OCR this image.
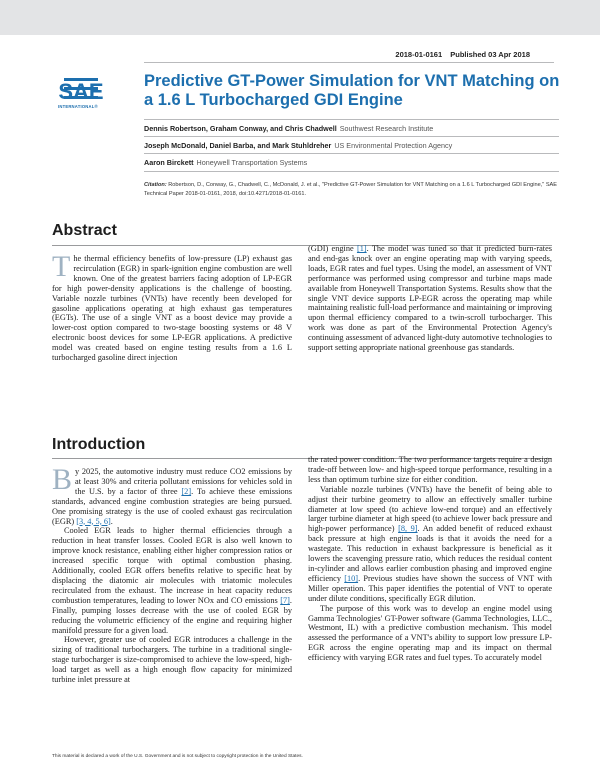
2018-01-0161 Published 03 Apr 2018
SAE
INTERNATIONAL®
Predictive GT-Power Simulation for VNT Matching on a 1.6 L Turbocharged GDI Engine
Dennis Robertson, Graham Conway, and Chris Chadwell Southwest Research Institute
Joseph McDonald, Daniel Barba, and Mark Stuhldreher US Environmental Protection Agency
Aaron Birckett Honeywell Transportation Systems
Citation: Robertson, D., Conway, G., Chadwell, C., McDonald, J. et al., "Predictive GT-Power Simulation for VNT Matching on a 1.6 L Turbocharged GDI Engine," SAE Technical Paper 2018-01-0161, 2018, doi:10.4271/2018-01-0161.
Abstract

The thermal efficiency benefits of low-pressure (LP) exhaust gas recirculation (EGR) in spark-ignition engine combustion are well known. One of the greatest barriers facing adoption of LP-EGR for high power-density applications is the challenge of boosting. Variable nozzle turbines (VNTs) have recently been developed for gasoline applications operating at high exhaust gas temperatures (EGTs). The use of a single VNT as a boost device may provide a lower-cost option compared to two-stage boosting systems or 48 V electronic boost devices for some LP-EGR applications. A predictive model was created based on engine testing results from a 1.6 L turbocharged gasoline direct injection

(GDI) engine [1]. The model was tuned so that it predicted burn-rates and end-gas knock over an engine operating map with varying speeds, loads, EGR rates and fuel types. Using the model, an assessment of VNT performance was performed using compressor and turbine maps made available from Honeywell Transportation Systems. Results show that the single VNT device supports LP-EGR across the operating map while maintaining realistic full-load performance and maintaining or improving upon thermal efficiency compared to a twin-scroll turbocharger. This work was done as part of the Environmental Protection Agency's continuing assessment of advanced light-duty automotive technologies to support setting appropriate national greenhouse gas standards.

Introduction

By 2025, the automotive industry must reduce CO2 emissions by at least 30% and criteria pollutant emissions for vehicles sold in the U.S. by a factor of three [2]. To achieve these emissions standards, advanced engine combustion strategies are being pursued. One promising strategy is the use of cooled exhaust gas recirculation (EGR) [3, 4, 5, 6].

Cooled EGR leads to higher thermal efficiencies through a reduction in heat transfer losses. Cooled EGR is also well known to improve knock resistance, enabling either higher compression ratios or increased specific torque with optimal combustion phasing. Additionally, cooled EGR offers benefits relative to specific heat by displacing the diatomic air molecules with triatomic molecules recirculated from the exhaust. The increase in heat capacity reduces combustion temperatures, leading to lower NOx and CO emissions [7]. Finally, pumping losses decrease with the use of cooled EGR by reducing the volumetric efficiency of the engine and requiring higher manifold pressure for a given load.

However, greater use of cooled EGR introduces a challenge in the sizing of traditional turbochargers. The turbine in a traditional single-stage turbocharger is size-compromised to achieve the low-speed, high-load target as well as a high enough flow capacity for minimized turbine inlet pressure at

the rated power condition. The two performance targets require a design trade-off between low- and high-speed torque performance, resulting in a less than optimum turbine size for either condition.

Variable nozzle turbines (VNTs) have the benefit of being able to adjust their turbine geometry to allow an effectively smaller turbine diameter at low speed (to achieve low-end torque) and an effectively larger turbine diameter at high speed (to achieve lower back pressure and high-power performance) [8, 9]. An added benefit of reduced exhaust back pressure at high engine loads is that it avoids the need for a wastegate. This reduction in exhaust backpressure is beneficial as it lowers the scavenging pressure ratio, which reduces the residual content in-cylinder and allows earlier combustion phasing and improved engine efficiency [10]. Previous studies have shown the success of VNT with Miller operation. This paper identifies the potential of VNT to operate under dilute conditions, specifically EGR dilution.

The purpose of this work was to develop an engine model using Gamma Technologies' GT-Power software (Gamma Technologies, LLC., Westmont, IL) with a predictive combustion mechanism. This model assessed the performance of a VNT's ability to support low pressure LP-EGR across the engine operating map and its impact on thermal efficiency with varying EGR rates and fuel types. To accurately model

This material is declared a work of the U.S. Government and is not subject to copyright protection in the United States.
